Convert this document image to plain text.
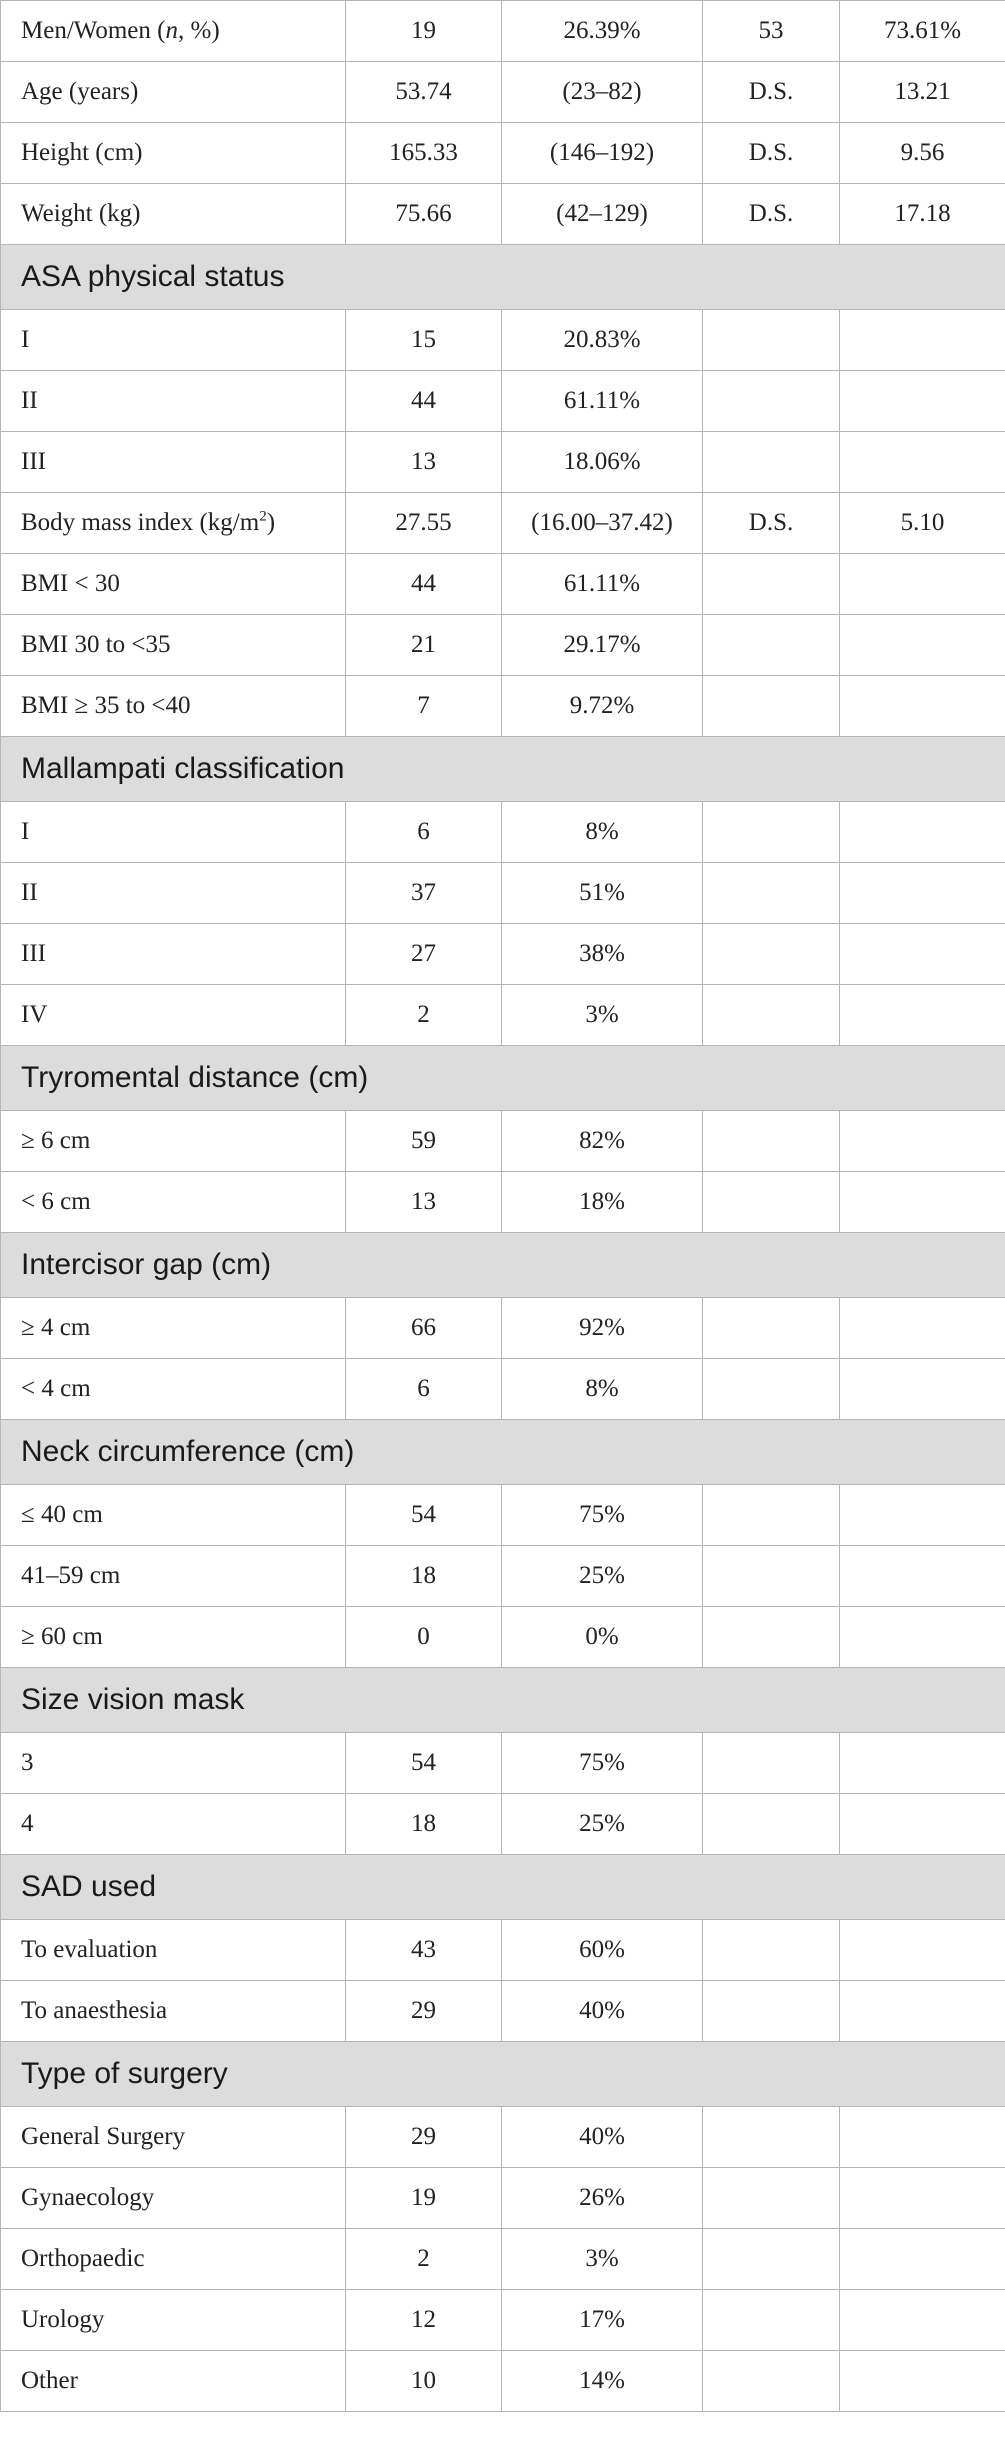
Men/Women (n, %)	19	26.39%	53	73.61%
Age (years)	53.74	(23–82)	D.S.	13.21
Height (cm)	165.33	(146–192)	D.S.	9.56
Weight (kg)	75.66	(42–129)	D.S.	17.18
ASA physical status				
I	15	20.83%		
II	44	61.11%		
III	13	18.06%		
Body mass index $(kg/m^2)$	27.55	(16.00–37.42)	D.S.	5.10
BMI < 30	44	61.11%		
BMI 30 to <35	21	29.17%		
BMI ≥ 35 to <40	7	9.72%		
Mallampati classification				
I	6	8%		
II	37	51%		
III	27	38%		
IV	2	3%		
Tryromental distance (cm)				
≥ 6 cm	59	82%		
< 6 cm	13	18%		
Intercisor gap (cm)				
≥ 4 cm	66	92%		
< 4 cm	6	8%		
Neck circumference (cm)				
≤ 40 cm	54	75%		
41–59 cm	18	25%		
≥ 60 cm	0	0%		
Size vision mask				
3	54	75%		
4	18	25%		
SAD used				
To evaluation	43	60%		
To anaesthesia	29	40%		
Type of surgery				
General Surgery	29	40%		
Gynaecology	19	26%		
Orthopaedic	2	3%		
Urology	12	17%		
Other	10	14%		
